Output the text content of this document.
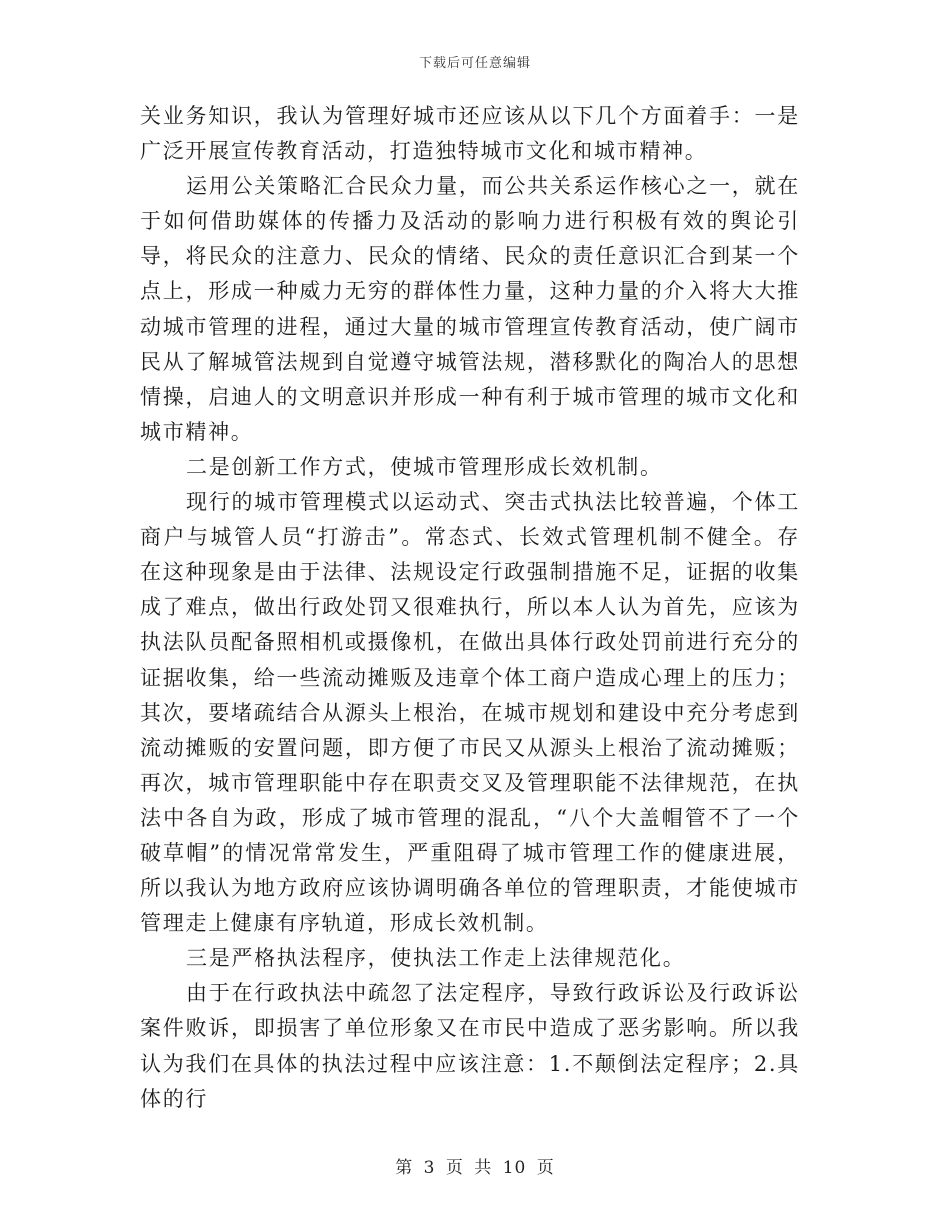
下载后可任意编辑

关业务知识，我认为管理好城市还应该从以下几个方面着手：一是广泛开展宣传教育活动，打造独特城市文化和城市精神。

运用公关策略汇合民众力量，而公共关系运作核心之一，就在于如何借助媒体的传播力及活动的影响力进行积极有效的舆论引导，将民众的注意力、民众的情绪、民众的责任意识汇合到某一个点上，形成一种威力无穷的群体性力量，这种力量的介入将大大推动城市管理的进程，通过大量的城市管理宣传教育活动，使广阔市民从了解城管法规到自觉遵守城管法规，潜移默化的陶冶人的思想情操，启迪人的文明意识并形成一种有利于城市管理的城市文化和城市精神。

二是创新工作方式，使城市管理形成长效机制。

现行的城市管理模式以运动式、突击式执法比较普遍，个体工商户与城管人员“打游击”。常态式、长效式管理机制不健全。存在这种现象是由于法律、法规设定行政强制措施不足，证据的收集成了难点，做出行政处罚又很难执行，所以本人认为首先，应该为执法队员配备照相机或摄像机，在做出具体行政处罚前进行充分的证据收集，给一些流动摊贩及违章个体工商户造成心理上的压力；其次，要堵疏结合从源头上根治，在城市规划和建设中充分考虑到流动摊贩的安置问题，即方便了市民又从源头上根治了流动摊贩；再次，城市管理职能中存在职责交叉及管理职能不法律规范，在执法中各自为政，形成了城市管理的混乱，“八个大盖帽管不了一个破草帽”的情况常常发生，严重阻碍了城市管理工作的健康进展，所以我认为地方政府应该协调明确各单位的管理职责，才能使城市管理走上健康有序轨道，形成长效机制。

三是严格执法程序，使执法工作走上法律规范化。

由于在行政执法中疏忽了法定程序，导致行政诉讼及行政诉讼案件败诉，即损害了单位形象又在市民中造成了恶劣影响。所以我认为我们在具体的执法过程中应该注意：1.不颠倒法定程序；2.具体的行

第 3 页 共 10 页
